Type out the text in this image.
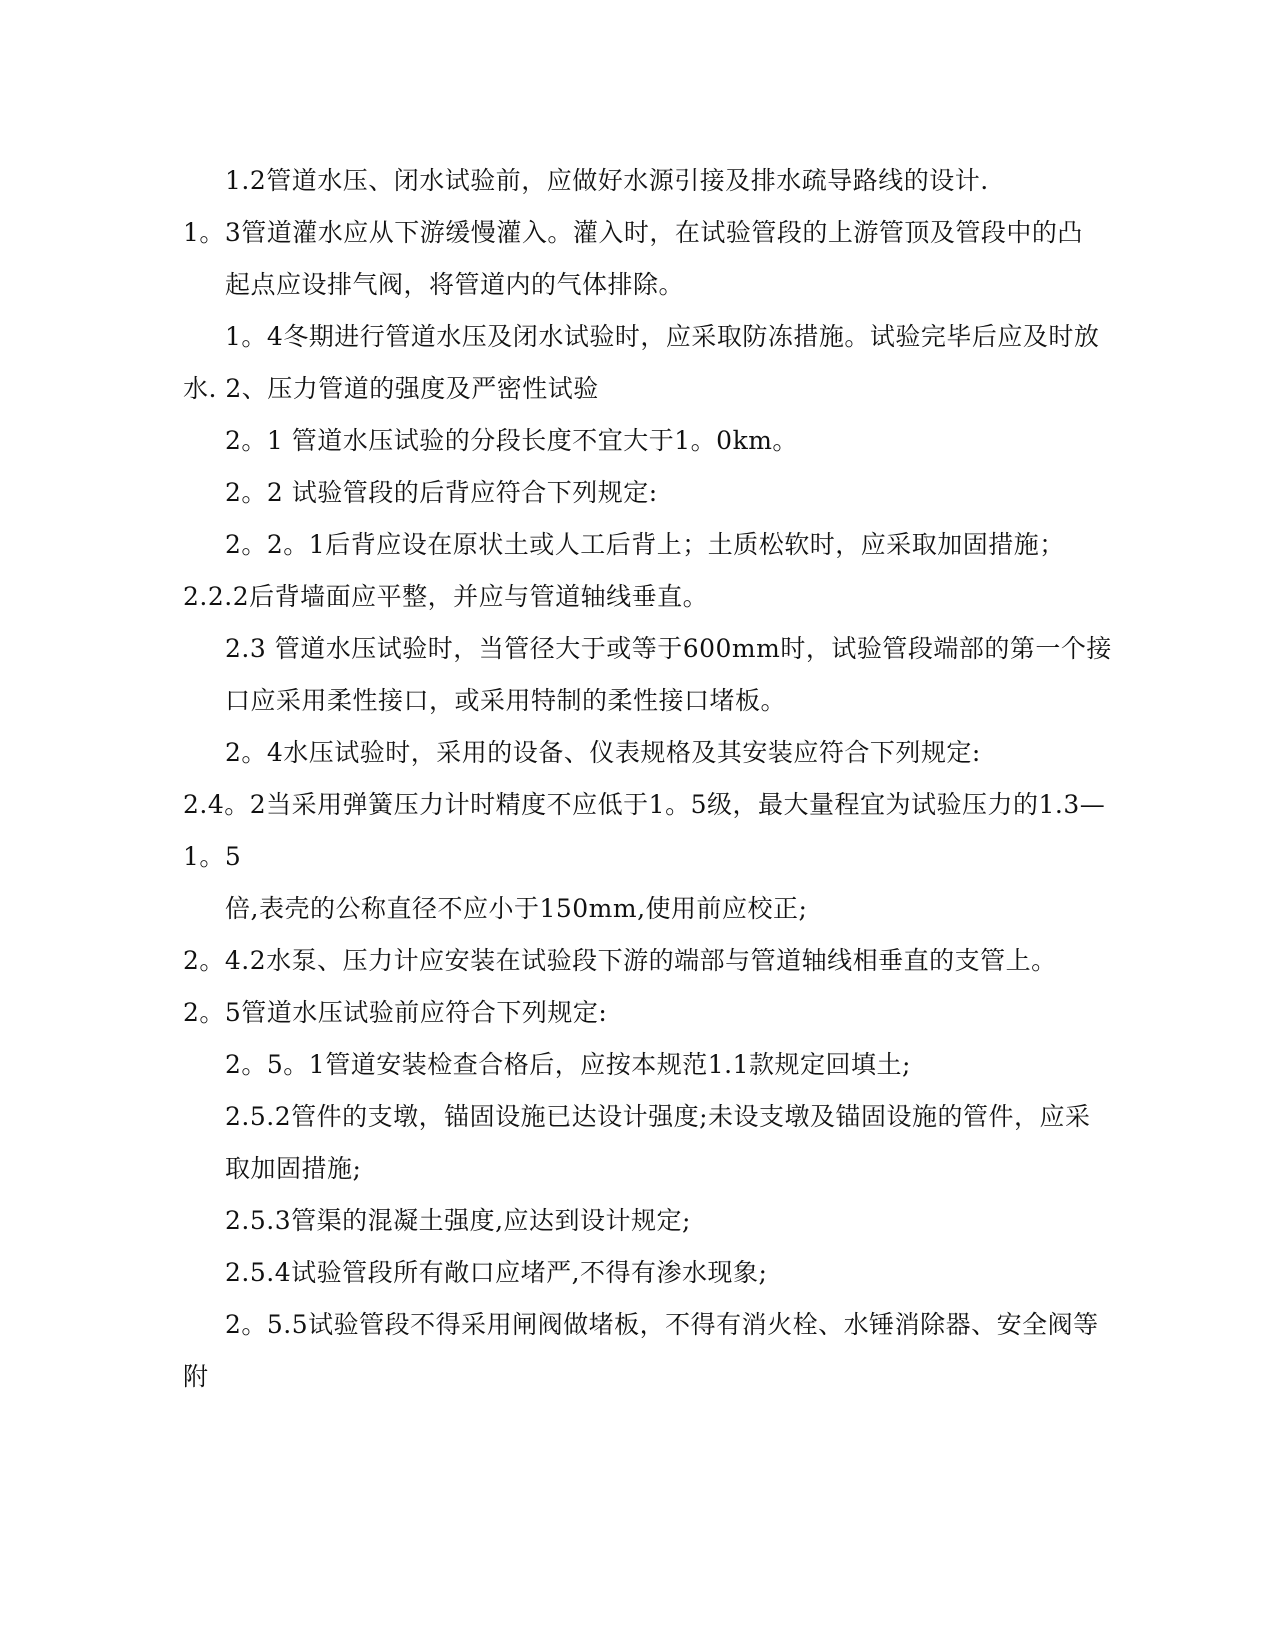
1.2管道水压、闭水试验前，应做好水源引接及排水疏导路线的设计.
1。3管道灌水应从下游缓慢灌入。灌入时，在试验管段的上游管顶及管段中的凸
起点应设排气阀，将管道内的气体排除。
1。4冬期进行管道水压及闭水试验时，应采取防冻措施。试验完毕后应及时放
水. 2、压力管道的强度及严密性试验
2。1 管道水压试验的分段长度不宜大于1。0km。
2。2 试验管段的后背应符合下列规定:
2。2。1后背应设在原状土或人工后背上；土质松软时，应采取加固措施；
2.2.2后背墙面应平整，并应与管道轴线垂直。
2.3 管道水压试验时，当管径大于或等于600mm时，试验管段端部的第一个接
口应采用柔性接口，或采用特制的柔性接口堵板。
2。4水压试验时，采用的设备、仪表规格及其安装应符合下列规定:
2.4。2当采用弹簧压力计时精度不应低于1。5级，最大量程宜为试验压力的1.3—
1。5
倍,表壳的公称直径不应小于150mm,使用前应校正;
2。4.2水泵、压力计应安装在试验段下游的端部与管道轴线相垂直的支管上。
2。5管道水压试验前应符合下列规定:
2。5。1管道安装检查合格后，应按本规范1.1款规定回填土;
2.5.2管件的支墩，锚固设施已达设计强度;未设支墩及锚固设施的管件，应采
取加固措施;
2.5.3管渠的混凝土强度,应达到设计规定;
2.5.4试验管段所有敞口应堵严,不得有渗水现象;
2。5.5试验管段不得采用闸阀做堵板，不得有消火栓、水锤消除器、安全阀等
附
